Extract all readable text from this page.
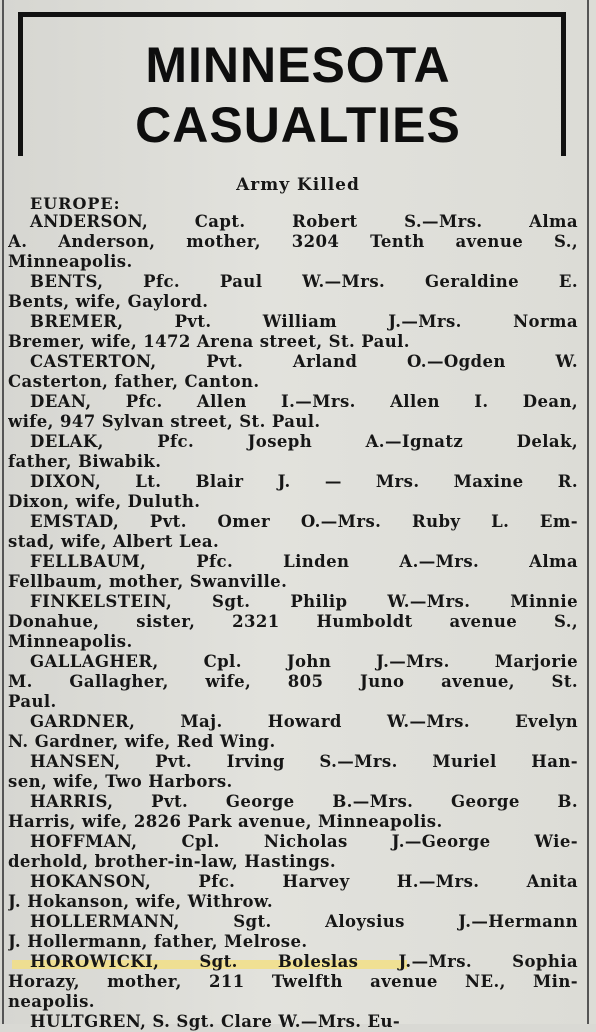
MINNESOTA
CASUALTIES
Army Killed
EUROPE:
ANDERSON, Capt. Robert S.—Mrs. Alma
A. Anderson, mother, 3204 Tenth avenue S.,
Minneapolis.
BENTS, Pfc. Paul W.—Mrs. Geraldine E.
Bents, wife, Gaylord.
BREMER, Pvt. William J.—Mrs. Norma
Bremer, wife, 1472 Arena street, St. Paul.
CASTERTON, Pvt. Arland O.—Ogden W.
Casterton, father, Canton.
DEAN, Pfc. Allen I.—Mrs. Allen I. Dean,
wife, 947 Sylvan street, St. Paul.
DELAK, Pfc. Joseph A.—Ignatz Delak,
father, Biwabik.
DIXON, Lt. Blair J. — Mrs. Maxine R.
Dixon, wife, Duluth.
EMSTAD, Pvt. Omer O.—Mrs. Ruby L. Em-
stad, wife, Albert Lea.
FELLBAUM, Pfc. Linden A.—Mrs. Alma
Fellbaum, mother, Swanville.
FINKELSTEIN, Sgt. Philip W.—Mrs. Minnie
Donahue, sister, 2321 Humboldt avenue S.,
Minneapolis.
GALLAGHER, Cpl. John J.—Mrs. Marjorie
M. Gallagher, wife, 805 Juno avenue, St.
Paul.
GARDNER, Maj. Howard W.—Mrs. Evelyn
N. Gardner, wife, Red Wing.
HANSEN, Pvt. Irving S.—Mrs. Muriel Han-
sen, wife, Two Harbors.
HARRIS, Pvt. George B.—Mrs. George B.
Harris, wife, 2826 Park avenue, Minneapolis.
HOFFMAN, Cpl. Nicholas J.—George Wie-
derhold, brother-in-law, Hastings.
HOKANSON, Pfc. Harvey H.—Mrs. Anita
J. Hokanson, wife, Withrow.
HOLLERMANN, Sgt. Aloysius J.—Hermann
J. Hollermann, father, Melrose.
HOROWICKI, Sgt. Boleslas J.—Mrs. Sophia
Horazy, mother, 211 Twelfth avenue NE., Min-
neapolis.
HULTGREN, S. Sgt. Clare W.—Mrs. Eu-
